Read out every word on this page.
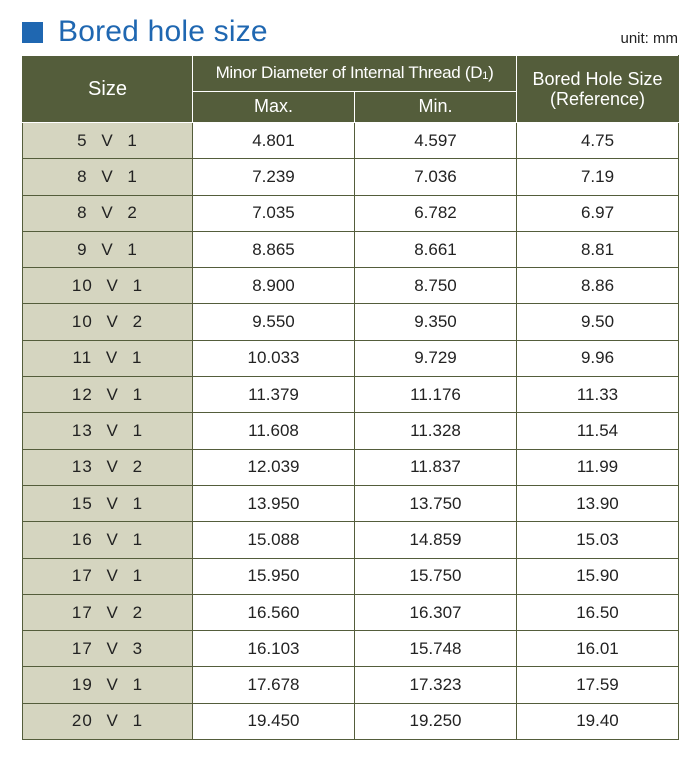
Bored hole size	unit: mm
Size	Minor Diameter of Internal Thread (D1)		Bored Hole Size
(Reference)

	Max.	Min.	
5 V 1	4.801	4.597	4.75
8 V 1	7.239	7.036	7.19
8 V 2	7.035	6.782	6.97
9 V 1	8.865	8.661	8.81
10 V 1	8.900	8.750	8.86
10 V 2	9.550	9.350	9.50
11 V 1	10.033	9.729	9.96
12 V 1	11.379	11.176	11.33
13 V 1	11.608	11.328	11.54
13 V 2	12.039	11.837	11.99
15 V 1	13.950	13.750	13.90
16 V 1	15.088	14.859	15.03
17 V 1	15.950	15.750	15.90
17 V 2	16.560	16.307	16.50
17 V 3	16.103	15.748	16.01
19 V 1	17.678	17.323	17.59
20 V 1	19.450	19.250	19.40
